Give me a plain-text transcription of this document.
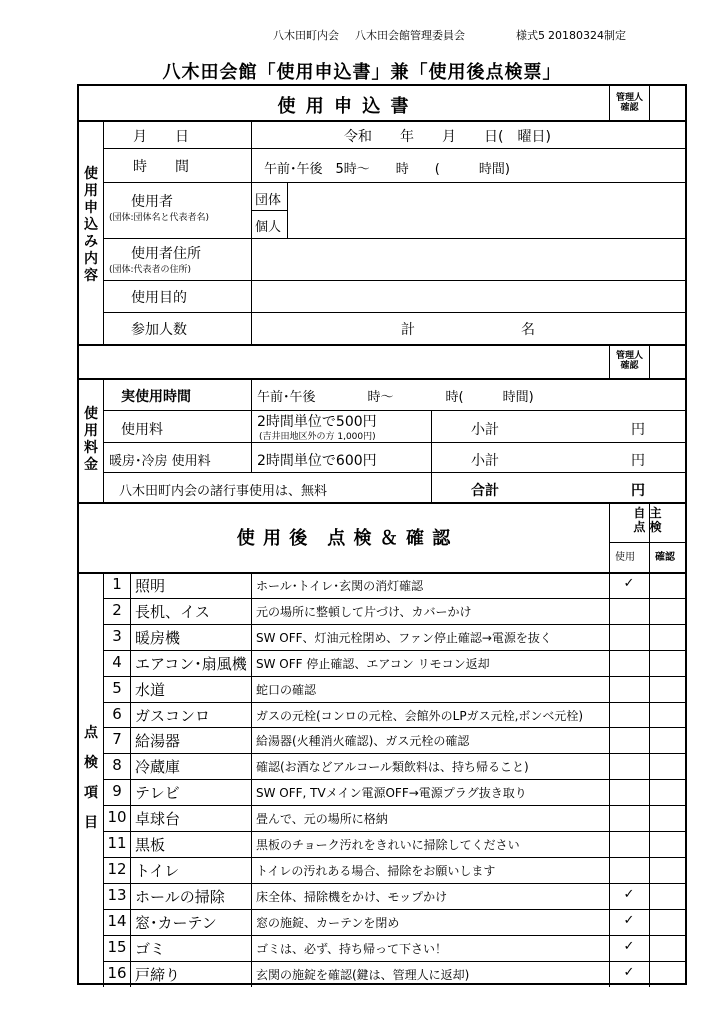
八木田町内会 八木田会館管理委員会	様式5 20180324制定
八木田会館「使用申込書」兼「使用後点検票」
使 用 申 込 書	管理人
確認
使
用
申
込
み
内
容
月　　日	令和　　年　　月　　日(　曜日)
時　　間	午前･午後　5時～　　時　　(　　　時間)
使用者
(団体:団体名と代表者名)
団体
個人
使用者住所
(団体:代表者の住所)
使用目的
参加人数	計	名
管理人
確認
使
用
料
金
実使用時間	午前･午後　　　　時～　　　　時(　　　時間)
使用料	2時間単位で500円
(吉井田地区外の方 1,000円)	小計	円
暖房･冷房 使用料	2時間単位で600円	小計	円
八木田町内会の諸行事使用は、無料	合計	円
使 用 後　点 検 ＆ 確 認
自 主
点 検
使用 確認
点
検
項
目
1 照明	ホール･トイレ･玄関の消灯確認	✓
2 長机、イス	元の場所に整頓して片づけ、カバーかけ
3 暖房機	SW OFF、灯油元栓閉め、ファン停止確認→電源を抜く
4 エアコン･扇風機 SW OFF 停止確認、エアコン リモコン返却
5 水道	蛇口の確認
6 ガスコンロ	ガスの元栓(コンロの元栓、会館外のLPガス元栓,ボンベ元栓)
7 給湯器	給湯器(火種消火確認)、ガス元栓の確認
8 冷蔵庫	確認(お酒などアルコール類飲料は、持ち帰ること)
9 テレビ	SW OFF, TVメイン電源OFF→電源プラグ抜き取り
10 卓球台	畳んで、元の場所に格納
11 黒板	黒板のチョーク汚れをきれいに掃除してください
12 トイレ	トイレの汚れある場合、掃除をお願いします
13 ホールの掃除	床全体、掃除機をかけ、モップかけ	✓
14 窓･カーテン	窓の施錠、カーテンを閉め	✓
15 ゴミ	ゴミは、必ず、持ち帰って下さい！	✓
16 戸締り	玄関の施錠を確認(鍵は、管理人に返却)	✓
